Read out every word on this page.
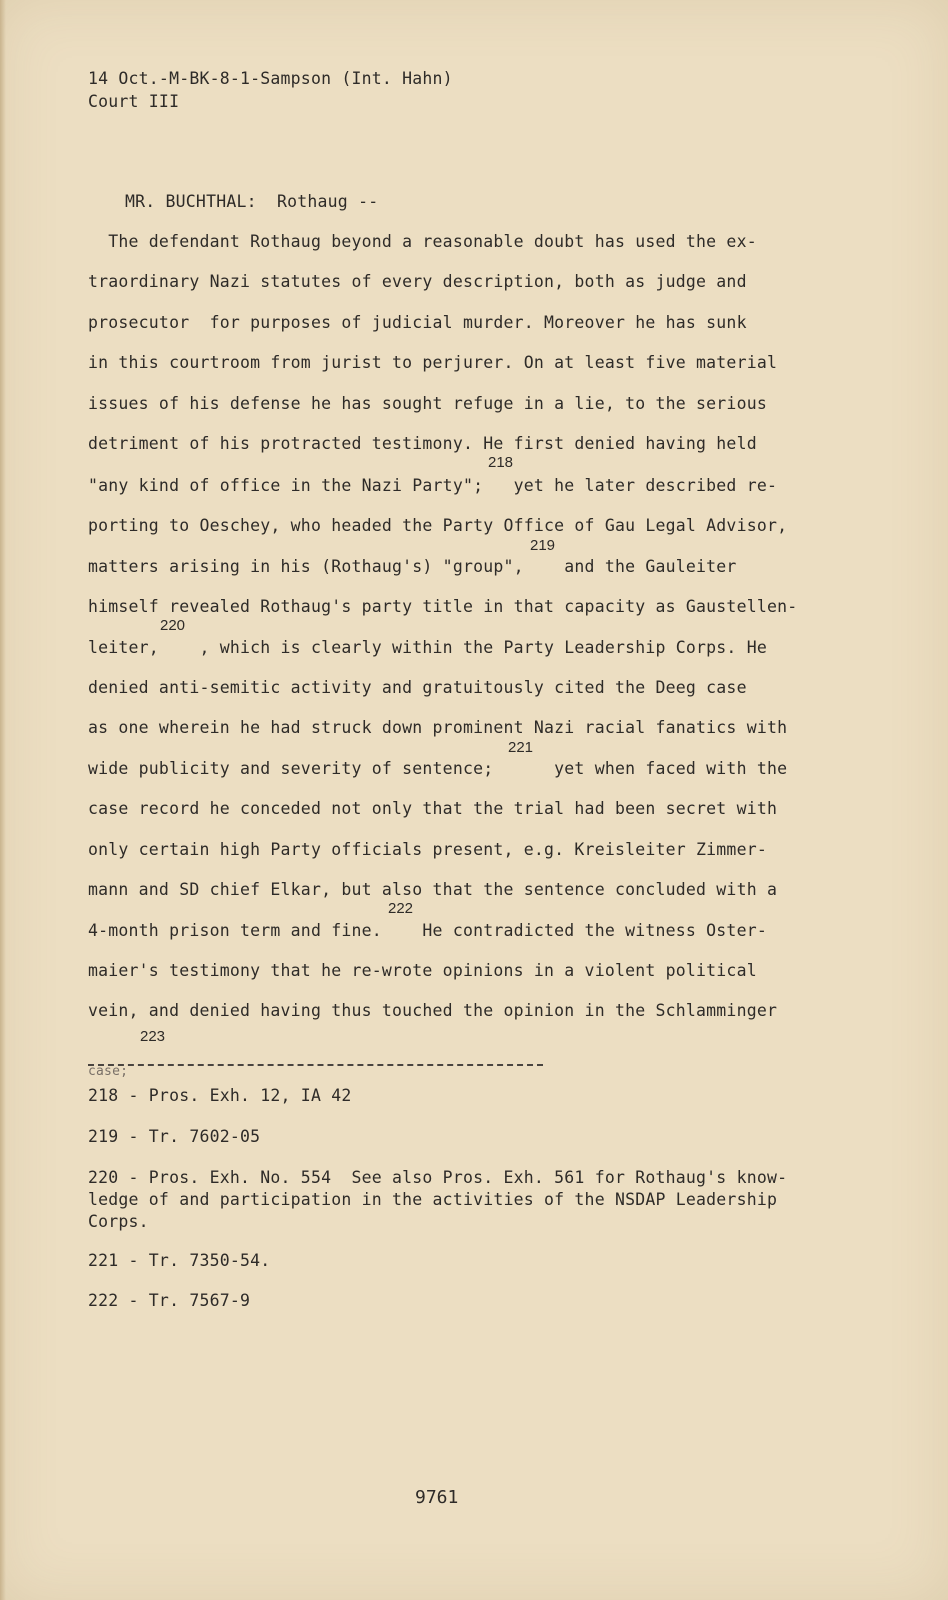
14 Oct.-M-BK-8-1-Sampson (Int. Hahn)
Court III
MR. BUCHTHAL:  Rothaug --
The defendant Rothaug beyond a reasonable doubt has used the ex-
traordinary Nazi statutes of every description, both as judge and
prosecutor  for purposes of judicial murder. Moreover he has sunk
in this courtroom from jurist to perjurer. On at least five material
issues of his defense he has sought refuge in a lie, to the serious
detriment of his protracted testimony. He first denied having held
218
"any kind of office in the Nazi Party";   yet he later described re-
porting to Oeschey, who headed the Party Office of Gau Legal Advisor,
219
matters arising in his (Rothaug's) "group",    and the Gauleiter
himself revealed Rothaug's party title in that capacity as Gaustellen-
220
leiter,    , which is clearly within the Party Leadership Corps. He
denied anti-semitic activity and gratuitously cited the Deeg case
as one wherein he had struck down prominent Nazi racial fanatics with
221
wide publicity and severity of sentence;      yet when faced with the
case record he conceded not only that the trial had been secret with
only certain high Party officials present, e.g. Kreisleiter Zimmer-
mann and SD chief Elkar, but also that the sentence concluded with a
222
4-month prison term and fine.    He contradicted the witness Oster-
maier's testimony that he re-wrote opinions in a violent political
vein, and denied having thus touched the opinion in the Schlamminger
223
case;
218 - Pros. Exh. 12, IA 42
219 - Tr. 7602-05
220 - Pros. Exh. No. 554  See also Pros. Exh. 561 for Rothaug's know-
ledge of and participation in the activities of the NSDAP Leadership
Corps.
221 - Tr. 7350-54.
222 - Tr. 7567-9
9761
